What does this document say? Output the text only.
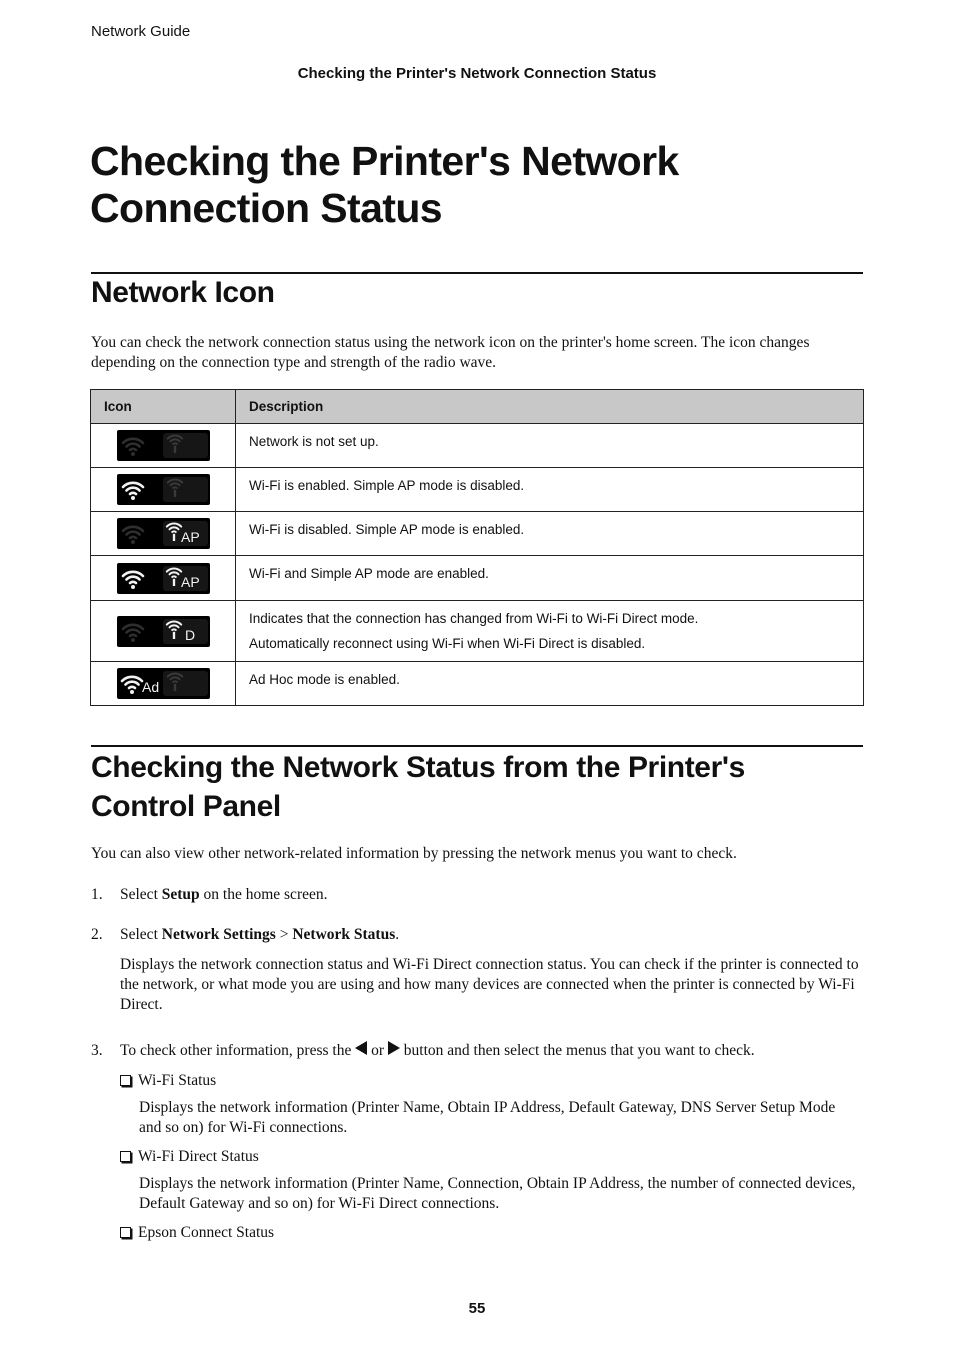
Network Guide
Checking the Printer's Network Connection Status
Checking the Printer's Network Connection Status
Network Icon

You can check the network connection status using the network icon on the printer's home screen. The icon changes depending on the connection type and strength of the radio wave.

Icon	Description

	Network is not set up.

	Wi-Fi is enabled. Simple AP mode is disabled.

AP	Wi-Fi is disabled. Simple AP mode is enabled.

AP	Wi-Fi and Simple AP mode are enabled.

D	Indicates that the connection has changed from Wi-Fi to Wi-Fi Direct mode.
Automatically reconnect using Wi-Fi when Wi-Fi Direct is disabled.

Ad	Ad Hoc mode is enabled.
Checking the Network Status from the Printer's
Control Panel

You can also view other network-related information by pressing the network menus you want to check.

1. Select Setup on the home screen.
2. Select Network Settings > Network Status.

Displays the network connection status and Wi-Fi Direct connection status. You can check if the printer is connected to the network, or what mode you are using and how many devices are connected when the printer is connected by Wi-Fi Direct.

3. To check other information, press the  or  button and then select the menus that you want to check.
Wi-Fi Status

Displays the network information (Printer Name, Obtain IP Address, Default Gateway, DNS Server Setup Mode and so on) for Wi-Fi connections.

Wi-Fi Direct Status

Displays the network information (Printer Name, Connection, Obtain IP Address, the number of connected devices, Default Gateway and so on) for Wi-Fi Direct connections.

Epson Connect Status
55
